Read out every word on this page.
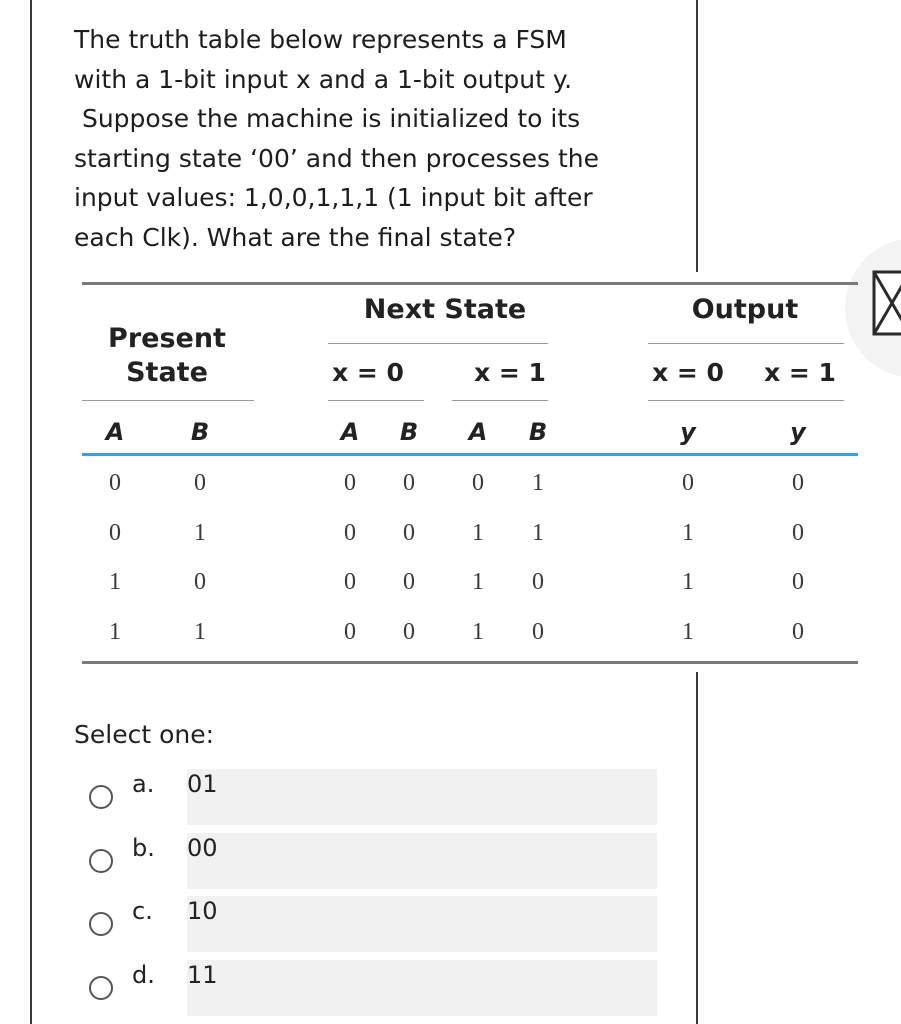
The truth table below represents a FSM
with a 1-bit input x and a 1-bit output y.
Suppose the machine is initialized to its
starting state ‘00’ and then processes the
input values: 1,0,0,1,1,1 (1 input bit after
each Clk). What are the final state?

Present
State
Next State	Output
x = 0	x = 1	x = 0	x = 1
A	B	A	B	A	B	y	y
0	0	0	0	0	1	0	0
0	1	0	0	1	1	1	0
1	0	0	0	1	0	1	0
1	1	0	0	1	0	1	0
Select one:
a. 01
b. 00
c. 10
d. 11
